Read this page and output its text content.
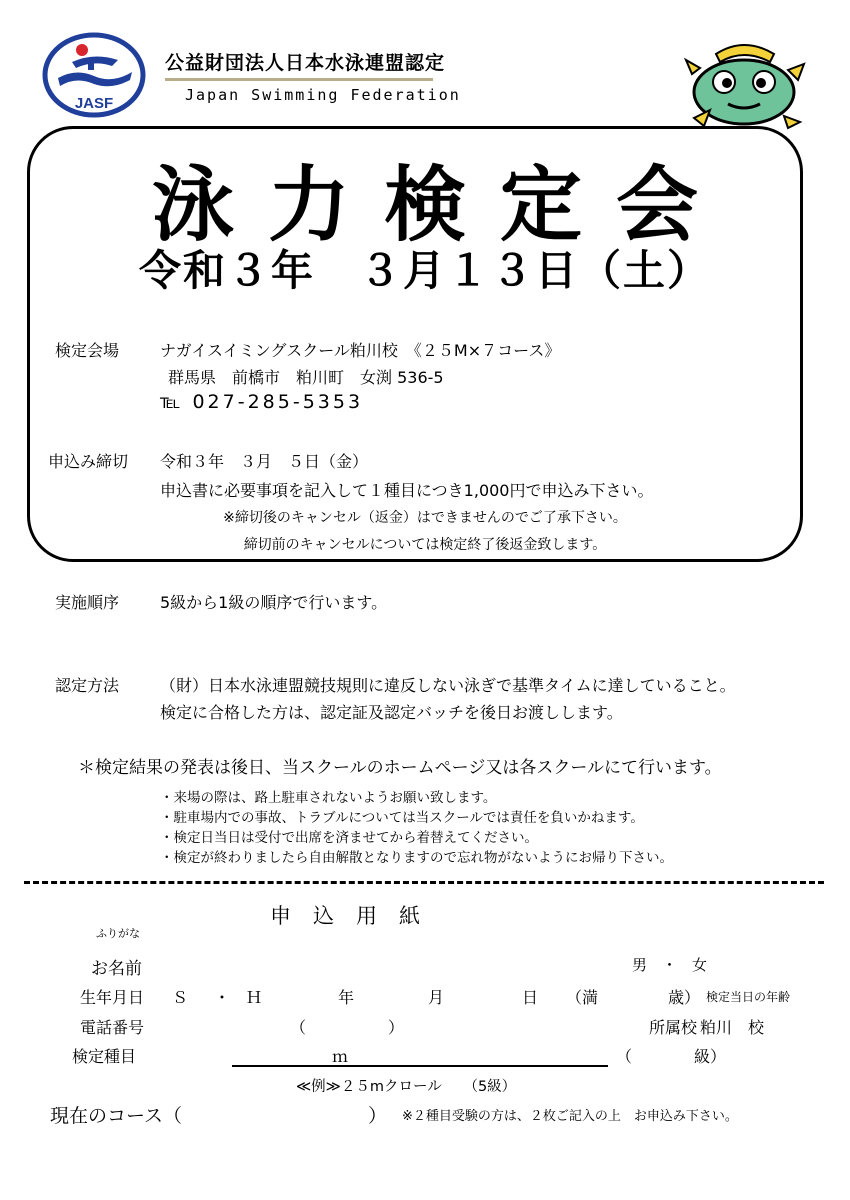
JASF
公益財団法人日本水泳連盟認定
Japan Swimming Federation
泳力検定会
令和３年　３月１３日（土）
検定会場	ナガイスイミングスクール粕川校　《２５M×７コース》
群馬県　前橋市　粕川町　女渕 536-5
℡ 027-285-5353
申込み締切 令和３年　３月　５日（金）
申込書に必要事項を記入して１種目につき1,000円で申込み下さい。
※締切後のキャンセル（返金）はできませんのでご了承下さい。
締切前のキャンセルについては検定終了後返金致します。
実施順序	5級から1級の順序で行います。
認定方法	（財）日本水泳連盟競技規則に違反しない泳ぎで基準タイムに達していること。
検定に合格した方は、認定証及認定バッチを後日お渡しします。
＊検定結果の発表は後日、当スクールのホームページ又は各スクールにて行います。
・来場の際は、路上駐車されないようお願い致します。
・駐車場内での事故、トラブルについては当スクールでは責任を負いかねます。
・検定日当日は受付で出席を済ませてから着替えてください。
・検定が終わりましたら自由解散となりますので忘れ物がないようにお帰り下さい。
申込用紙
ふりがな
お名前	男　・　女
生年月日 Ｓ ・ Ｈ	年	月	日 （満	歳） 検定当日の年齢
電話番号	（	）	所属校 粕川　校
検定種目	ｍ	（	級）
≪例≫２５mクロール　　（5級）
現在のコース（	） ※２種目受験の方は、２枚ご記入の上　お申込み下さい。
